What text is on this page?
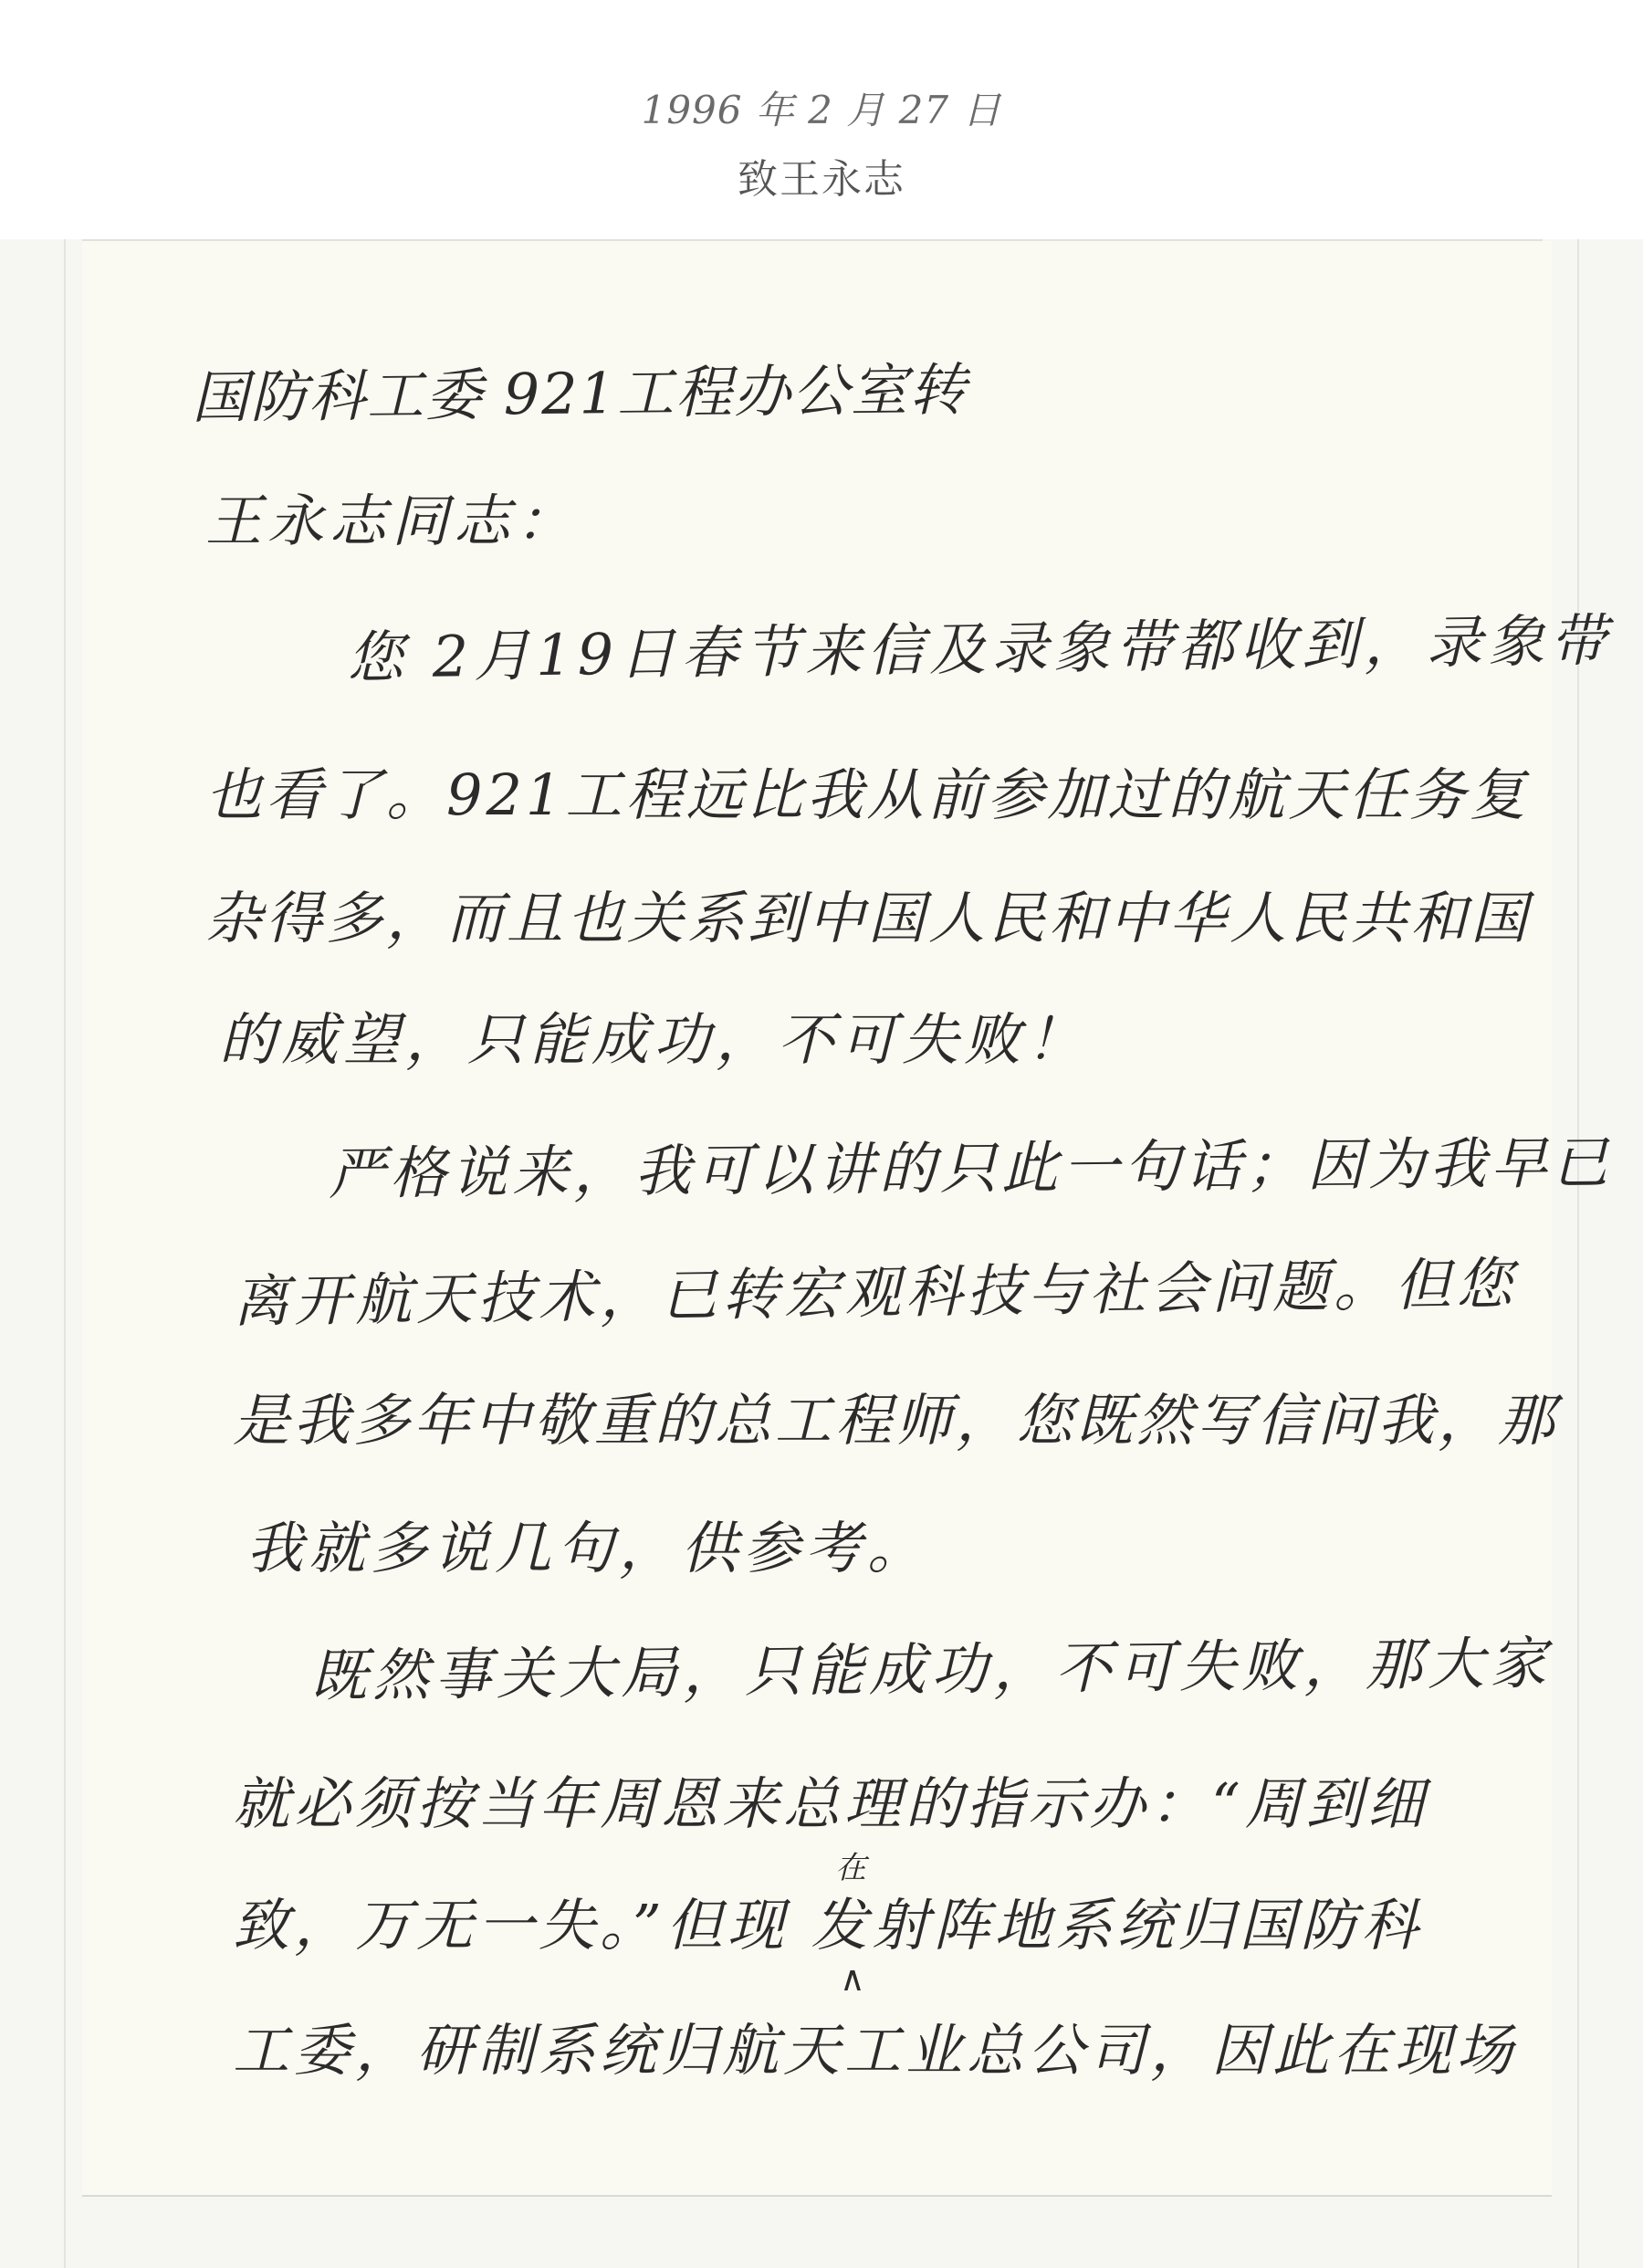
1996 年 2 月 27 日
致王永志
国防科工委 921工程办公室转
王永志同志：
您 2月19日春节来信及录象带都收到，录象带
也看了。921工程远比我从前参加过的航天任务复
杂得多，而且也关系到中国人民和中华人民共和国
的威望，只能成功，不可失败！
严格说来，我可以讲的只此一句话；因为我早已
离开航天技术，已转宏观科技与社会问题。但您
是我多年中敬重的总工程师，您既然写信问我，那
我就多说几句，供参考。
既然事关大局，只能成功，不可失败，那大家
就必须按当年周恩来总理的指示办：“周到细
致，万无一失。”但现 发射阵地系统归国防科
工委，研制系统归航天工业总公司，因此在现场
在
∧
